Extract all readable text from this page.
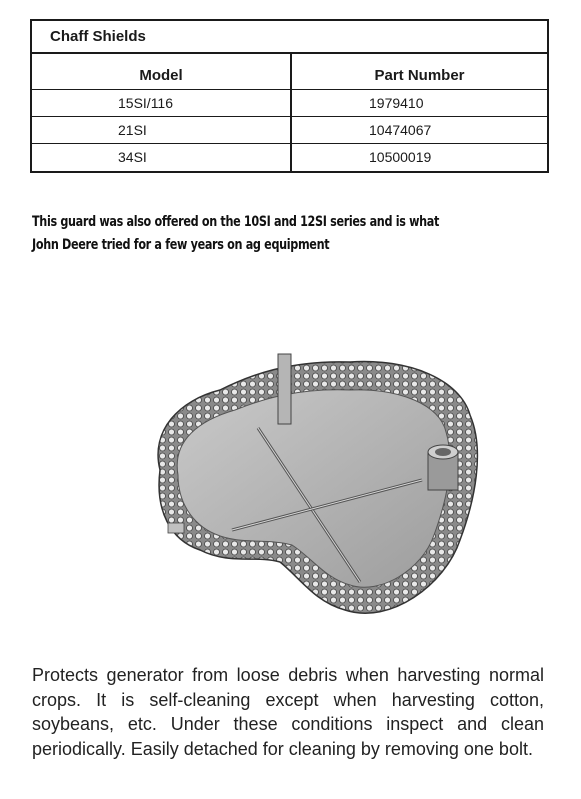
Chaff Shields
Model	Part Number
15SI/116	1979410
21SI	10474067
34SI	10500019

This guard was also offered on the 10SI and 12SI series and is what John Deere tried for a few years on ag equipment

Protects generator from loose debris when harvesting normal crops. It is self-cleaning except when harvesting cotton, soybeans, etc. Under these conditions inspect and clean periodically. Easily detached for cleaning by removing one bolt.
